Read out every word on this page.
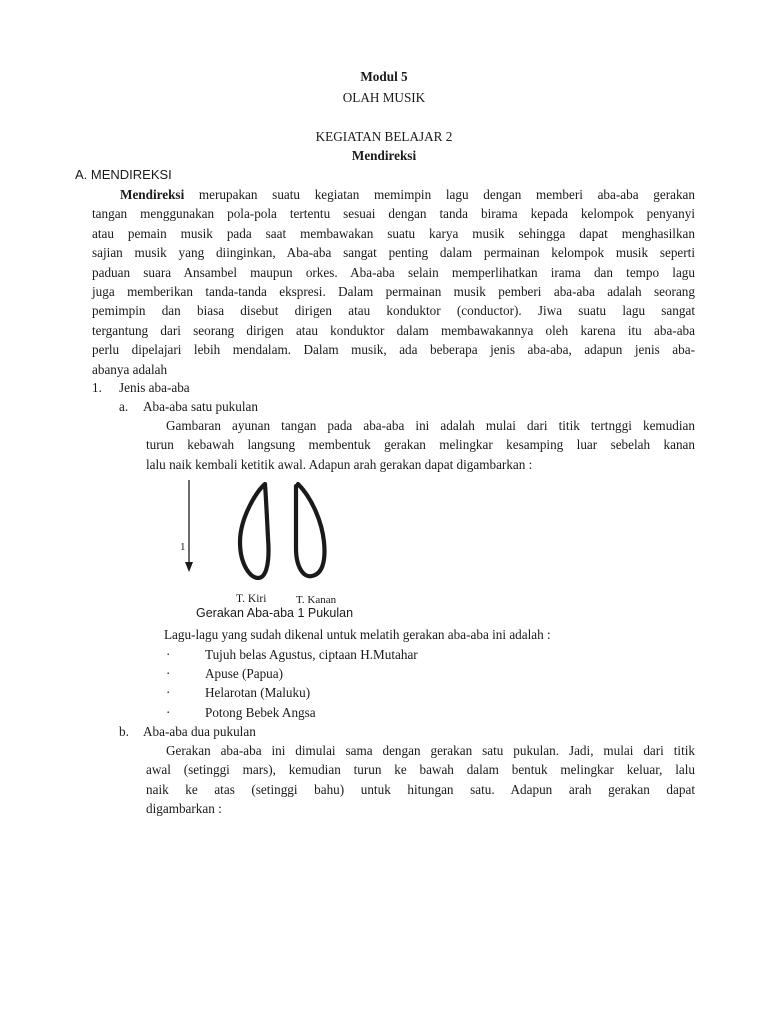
Modul 5
OLAH MUSIK
KEGIATAN BELAJAR 2
Mendireksi
A. MENDIREKSI
Mendireksi merupakan suatu kegiatan memimpin lagu dengan memberi aba-aba gerakan
tangan menggunakan pola-pola tertentu sesuai dengan tanda birama kepada kelompok penyanyi
atau pemain musik pada saat membawakan suatu karya musik sehingga dapat menghasilkan
sajian musik yang diinginkan, Aba-aba sangat penting dalam permainan kelompok musik seperti
paduan suara Ansambel maupun orkes. Aba-aba selain memperlihatkan irama dan tempo lagu
juga memberikan tanda-tanda ekspresi. Dalam permainan musik pemberi aba-aba adalah seorang
pemimpin dan biasa disebut dirigen atau konduktor (conductor). Jiwa suatu lagu sangat
tergantung dari seorang dirigen atau konduktor dalam membawakannya oleh karena itu aba-aba
perlu dipelajari lebih mendalam. Dalam musik, ada beberapa jenis aba-aba, adapun jenis aba-
abanya adalah
1. Jenis aba-aba
a. Aba-aba satu pukulan
Gambaran ayunan tangan pada aba-aba ini adalah mulai dari titik tertnggi kemudian
turun kebawah langsung membentuk gerakan melingkar kesamping luar sebelah kanan
lalu naik kembali ketitik awal. Adapun arah gerakan dapat digambarkan :
1
T. Kiri	T. Kanan
Gerakan Aba-aba 1 Pukulan
Lagu-lagu yang sudah dikenal untuk melatih gerakan aba-aba ini adalah :
·	Tujuh belas Agustus, ciptaan H.Mutahar
·	Apuse (Papua)
·	Helarotan (Maluku)
·	Potong Bebek Angsa
b. Aba-aba dua pukulan
Gerakan aba-aba ini dimulai sama dengan gerakan satu pukulan. Jadi, mulai dari titik
awal (setinggi mars), kemudian turun ke bawah dalam bentuk melingkar keluar, lalu
naik ke atas (setinggi bahu) untuk hitungan satu. Adapun arah gerakan dapat
digambarkan :
